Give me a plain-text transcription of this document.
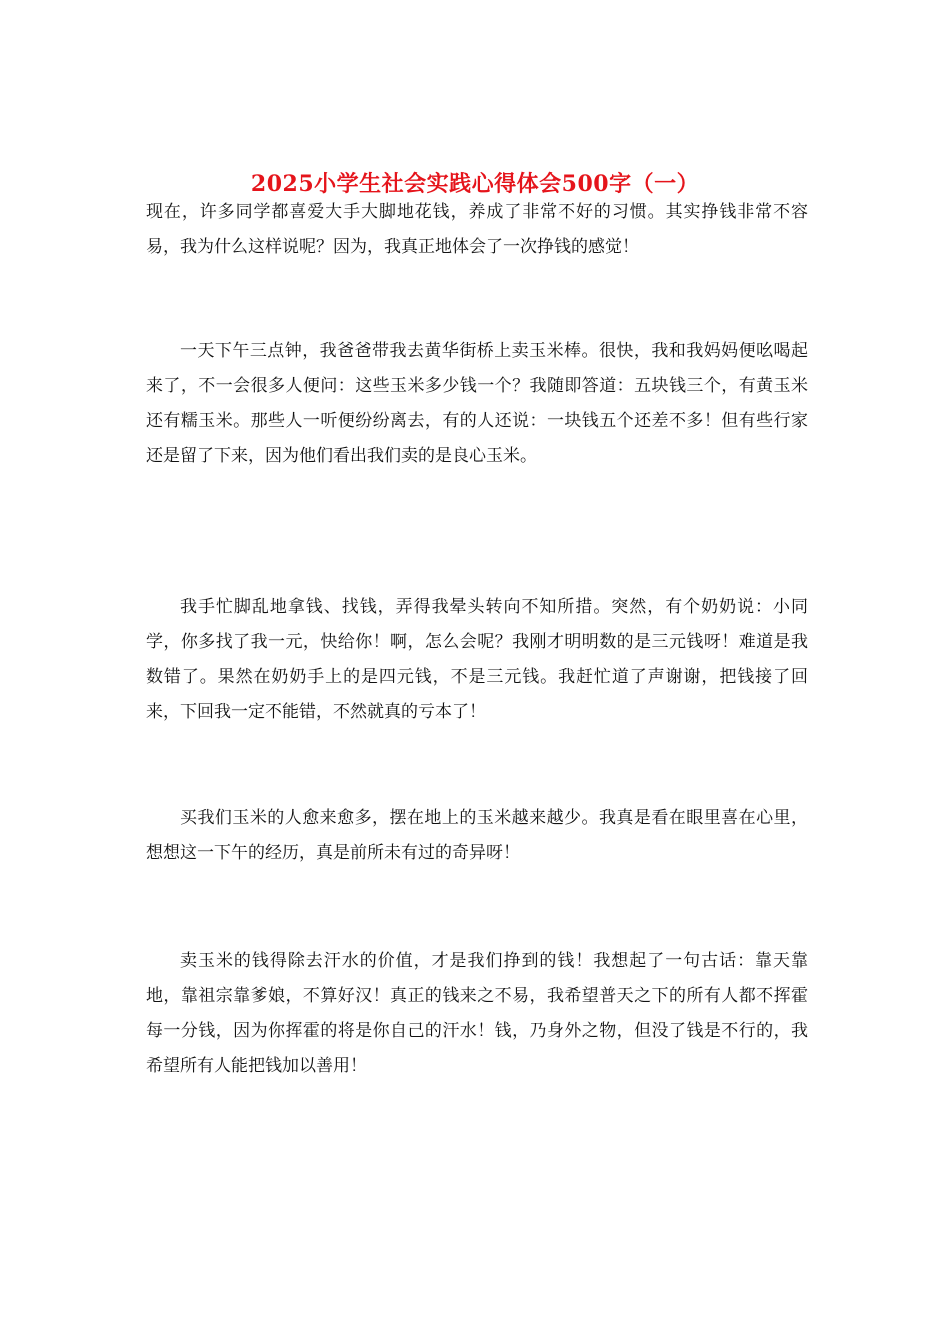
2025小学生社会实践心得体会500字（一）

现在，许多同学都喜爱大手大脚地花钱，养成了非常不好的习惯。其实挣钱非常不容易，我为什么这样说呢？因为，我真正地体会了一次挣钱的感觉！

一天下午三点钟，我爸爸带我去黄华街桥上卖玉米棒。很快，我和我妈妈便吆喝起来了，不一会很多人便问：这些玉米多少钱一个？我随即答道：五块钱三个，有黄玉米还有糯玉米。那些人一听便纷纷离去，有的人还说：一块钱五个还差不多！但有些行家还是留了下来，因为他们看出我们卖的是良心玉米。

我手忙脚乱地拿钱、找钱，弄得我晕头转向不知所措。突然，有个奶奶说：小同学，你多找了我一元，快给你！啊，怎么会呢？我刚才明明数的是三元钱呀！难道是我数错了。果然在奶奶手上的是四元钱，不是三元钱。我赶忙道了声谢谢，把钱接了回来，下回我一定不能错，不然就真的亏本了！

买我们玉米的人愈来愈多，摆在地上的玉米越来越少。我真是看在眼里喜在心里，想想这一下午的经历，真是前所未有过的奇异呀！

卖玉米的钱得除去汗水的价值，才是我们挣到的钱！我想起了一句古话：靠天靠地，靠祖宗靠爹娘，不算好汉！真正的钱来之不易，我希望普天之下的所有人都不挥霍每一分钱，因为你挥霍的将是你自己的汗水！钱，乃身外之物，但没了钱是不行的，我希望所有人能把钱加以善用！
